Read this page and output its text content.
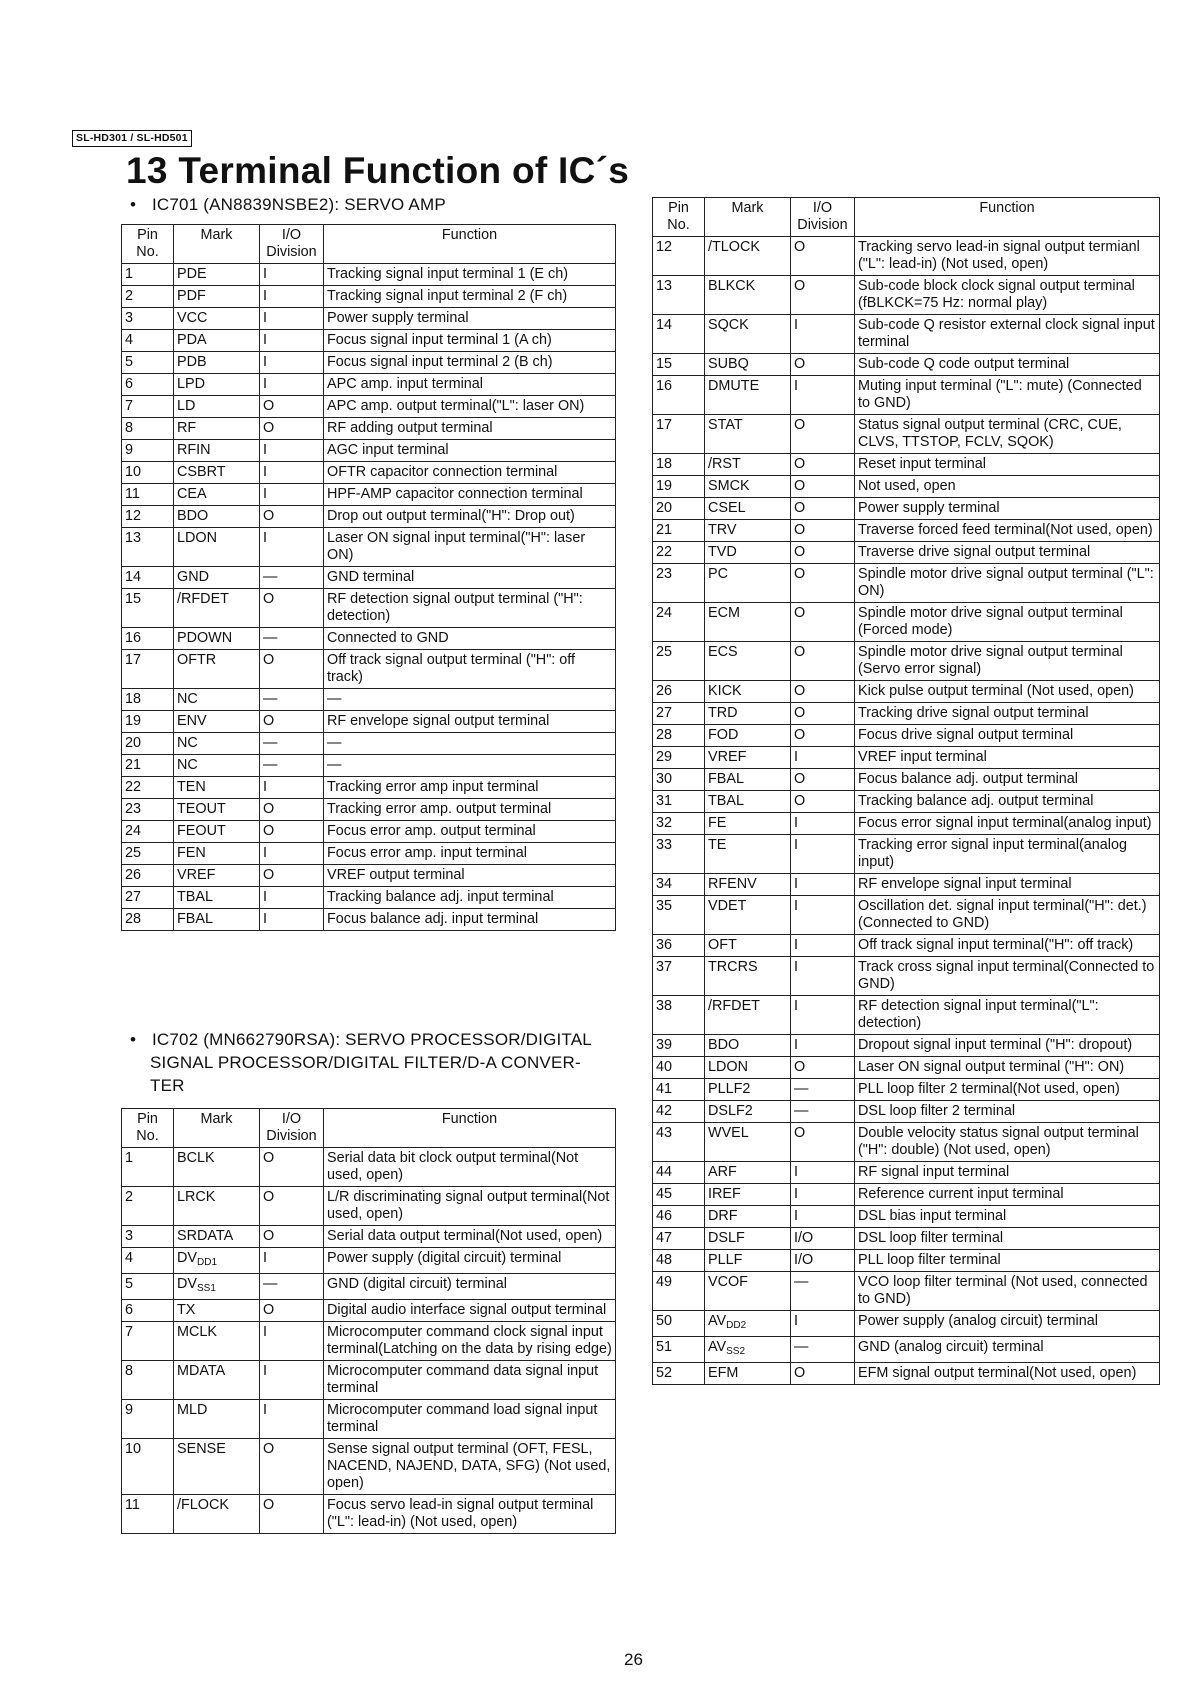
SL-HD301 / SL-HD501
13 Terminal Function of IC´s
• IC701 (AN8839NSBE2): SERVO AMP
Pin
No.	Mark	I/O
Division	Function

1	PDE	I	Tracking signal input terminal 1 (E ch)
2	PDF	I	Tracking signal input terminal 2 (F ch)
3	VCC	I	Power supply terminal
4	PDA	I	Focus signal input terminal 1 (A ch)
5	PDB	I	Focus signal input terminal 2 (B ch)
6	LPD	I	APC amp. input terminal
7	LD	O	APC amp. output terminal("L": laser ON)
8	RF	O	RF adding output terminal
9	RFIN	I	AGC input terminal
10	CSBRT	I	OFTR capacitor connection terminal
11	CEA	I	HPF-AMP capacitor connection terminal
12	BDO	O	Drop out output terminal("H": Drop out)
13	LDON	I	Laser ON signal input terminal("H": laser ON)
14	GND	—	GND terminal
15	/RFDET	O	RF detection signal output terminal ("H": detection)
16	PDOWN	—	Connected to GND
17	OFTR	O	Off track signal output terminal ("H": off track)
18	NC	—	—
19	ENV	O	RF envelope signal output terminal
20	NC	—	—
21	NC	—	—
22	TEN	I	Tracking error amp input terminal
23	TEOUT	O	Tracking error amp. output terminal
24	FEOUT	O	Focus error amp. output terminal
25	FEN	I	Focus error amp. input terminal
26	VREF	O	VREF output terminal
27	TBAL	I	Tracking balance adj. input terminal
28	FBAL	I	Focus balance adj. input terminal
• IC702 (MN662790RSA): SERVO PROCESSOR/DIGITAL
SIGNAL PROCESSOR/DIGITAL FILTER/D-A CONVER-
TER
Pin
No.	Mark	I/O
Division	Function

1	BCLK	O	Serial data bit clock output terminal(Not used, open)
2	LRCK	O	L/R discriminating signal output terminal(Not used, open)
3	SRDATA	O	Serial data output terminal(Not used, open)
4	$DV_{DD1}$	I	Power supply (digital circuit) terminal
5	$DV_{SS1}$	—	GND (digital circuit) terminal
6	TX	O	Digital audio interface signal output terminal
7	MCLK	I	Microcomputer command clock signal input terminal(Latching on the data by rising edge)
8	MDATA	I	Microcomputer command data signal input terminal
9	MLD	I	Microcomputer command load signal input terminal
10	SENSE	O	Sense signal output terminal (OFT, FESL, NACEND, NAJEND, DATA, SFG) (Not used, open)
11	/FLOCK	O	Focus servo lead-in signal output terminal ("L": lead-in) (Not used, open)
Pin
No.	Mark	I/O
Division	Function

12	/TLOCK	O	Tracking servo lead-in signal output termianl ("L": lead-in) (Not used, open)
13	BLKCK	O	Sub-code block clock signal output terminal (fBLKCK=75 Hz: normal play)
14	SQCK	I	Sub-code Q resistor external clock signal input terminal
15	SUBQ	O	Sub-code Q code output terminal
16	DMUTE	I	Muting input terminal ("L": mute) (Connected to GND)
17	STAT	O	Status signal output terminal (CRC, CUE, CLVS, TTSTOP, FCLV, SQOK)
18	/RST	O	Reset input terminal
19	SMCK	O	Not used, open
20	CSEL	O	Power supply terminal
21	TRV	O	Traverse forced feed terminal(Not used, open)
22	TVD	O	Traverse drive signal output terminal
23	PC	O	Spindle motor drive signal output terminal ("L": ON)
24	ECM	O	Spindle motor drive signal output terminal (Forced mode)
25	ECS	O	Spindle motor drive signal output terminal (Servo error signal)
26	KICK	O	Kick pulse output terminal (Not used, open)
27	TRD	O	Tracking drive signal output terminal
28	FOD	O	Focus drive signal output terminal
29	VREF	I	VREF input terminal
30	FBAL	O	Focus balance adj. output terminal
31	TBAL	O	Tracking balance adj. output terminal
32	FE	I	Focus error signal input terminal(analog input)
33	TE	I	Tracking error signal input terminal(analog input)
34	RFENV	I	RF envelope signal input terminal
35	VDET	I	Oscillation det. signal input terminal("H": det.) (Connected to GND)
36	OFT	I	Off track signal input terminal("H": off track)
37	TRCRS	I	Track cross signal input terminal(Connected to GND)
38	/RFDET	I	RF detection signal input terminal("L": detection)
39	BDO	I	Dropout signal input terminal ("H": dropout)
40	LDON	O	Laser ON signal output terminal ("H": ON)
41	PLLF2	—	PLL loop filter 2 terminal(Not used, open)
42	DSLF2	—	DSL loop filter 2 terminal
43	WVEL	O	Double velocity status signal output terminal ("H": double) (Not used, open)
44	ARF	I	RF signal input terminal
45	IREF	I	Reference current input terminal
46	DRF	I	DSL bias input terminal
47	DSLF	I/O	DSL loop filter terminal
48	PLLF	I/O	PLL loop filter terminal
49	VCOF	—	VCO loop filter terminal (Not used, connected to GND)
50	$AV_{DD2}$	I	Power supply (analog circuit) terminal
51	$AV_{SS2}$	—	GND (analog circuit) terminal
52	EFM	O	EFM signal output terminal(Not used, open)
26
